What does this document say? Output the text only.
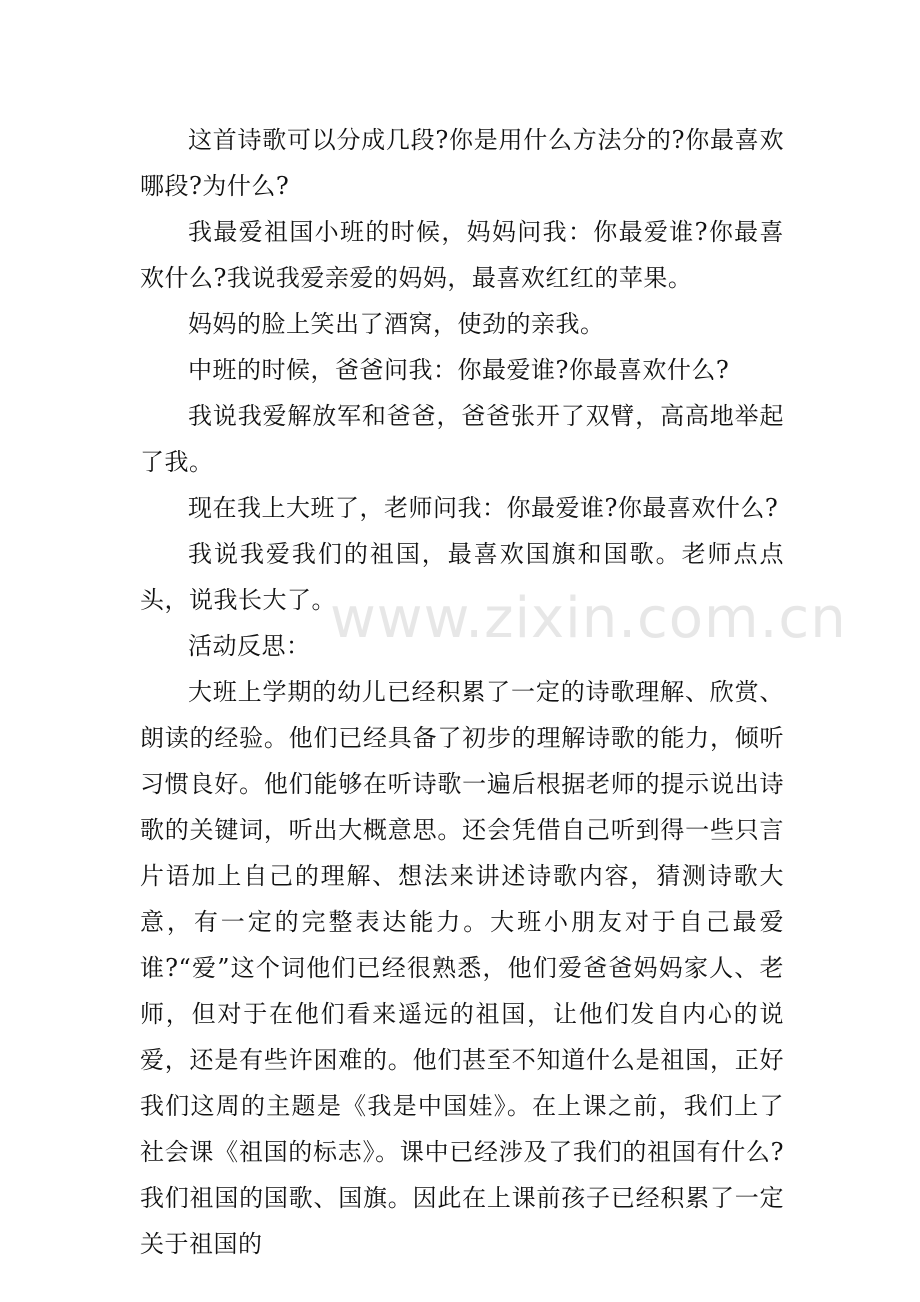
这首诗歌可以分成几段?你是用什么方法分的?你最喜欢哪段?为什么?

我最爱祖国小班的时候，妈妈问我：你最爱谁?你最喜欢什么?我说我爱亲爱的妈妈，最喜欢红红的苹果。

妈妈的脸上笑出了酒窝，使劲的亲我。

中班的时候，爸爸问我：你最爱谁?你最喜欢什么?

我说我爱解放军和爸爸，爸爸张开了双臂，高高地举起了我。

现在我上大班了，老师问我：你最爱谁?你最喜欢什么?

我说我爱我们的祖国，最喜欢国旗和国歌。老师点点头，说我长大了。

活动反思：

大班上学期的幼儿已经积累了一定的诗歌理解、欣赏、朗读的经验。他们已经具备了初步的理解诗歌的能力，倾听习惯良好。他们能够在听诗歌一遍后根据老师的提示说出诗歌的关键词，听出大概意思。还会凭借自己听到得一些只言片语加上自己的理解、想法来讲述诗歌内容，猜测诗歌大意，有一定的完整表达能力。大班小朋友对于自己最爱谁?“爱”这个词他们已经很熟悉，他们爱爸爸妈妈家人、老师，但对于在他们看来遥远的祖国，让他们发自内心的说爱，还是有些许困难的。他们甚至不知道什么是祖国，正好我们这周的主题是《我是中国娃》。在上课之前，我们上了社会课《祖国的标志》。课中已经涉及了我们的祖国有什么?我们祖国的国歌、国旗。因此在上课前孩子已经积累了一定关于祖国的

www.zixin.com.cn
